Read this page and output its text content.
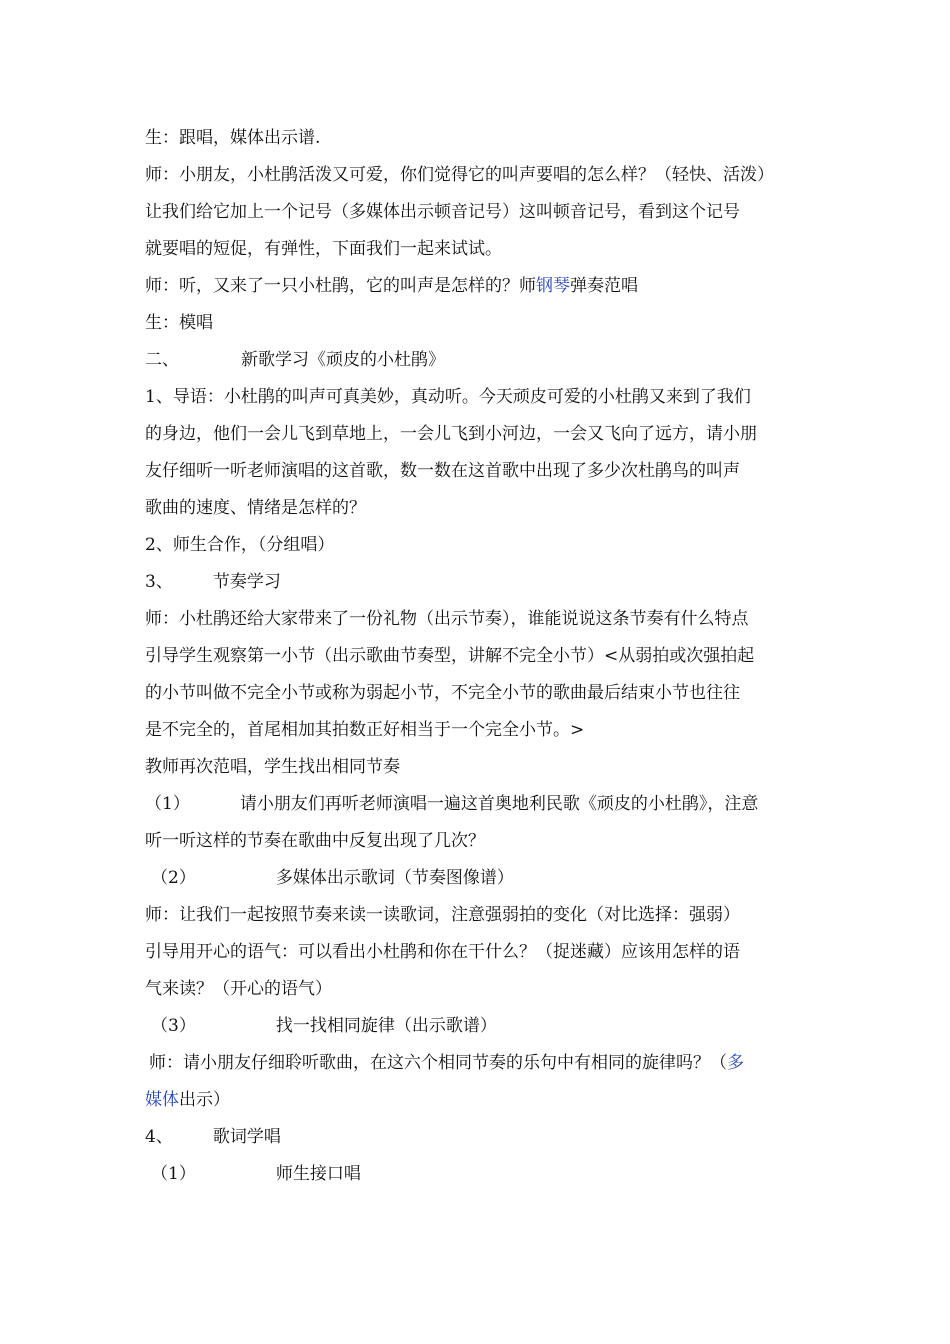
生：跟唱，媒体出示谱.
师：小朋友，小杜鹃活泼又可爱，你们觉得它的叫声要唱的怎么样？（轻快、活泼）
让我们给它加上一个记号（多媒体出示顿音记号）这叫顿音记号，看到这个记号
就要唱的短促，有弹性，下面我们一起来试试。
师：听，又来了一只小杜鹃，它的叫声是怎样的？师钢琴弹奏范唱
生：模唱
二、	新歌学习《顽皮的小杜鹃》
1、导语：小杜鹃的叫声可真美妙，真动听。今天顽皮可爱的小杜鹃又来到了我们
的身边，他们一会儿飞到草地上，一会儿飞到小河边，一会又飞向了远方，请小朋
友仔细听一听老师演唱的这首歌，数一数在这首歌中出现了多少次杜鹃鸟的叫声
歌曲的速度、情绪是怎样的？
2、师生合作，（分组唱）
3、 节奏学习
师：小杜鹃还给大家带来了一份礼物（出示节奏），谁能说说这条节奏有什么特点
引导学生观察第一小节（出示歌曲节奏型，讲解不完全小节）<从弱拍或次强拍起
的小节叫做不完全小节或称为弱起小节，不完全小节的歌曲最后结束小节也往往
是不完全的，首尾相加其拍数正好相当于一个完全小节。>
教师再次范唱，学生找出相同节奏
（1）	请小朋友们再听老师演唱一遍这首奥地利民歌《顽皮的小杜鹃》，注意
听一听这样的节奏在歌曲中反复出现了几次？
（2）	多媒体出示歌词（节奏图像谱）
师：让我们一起按照节奏来读一读歌词，注意强弱拍的变化（对比选择：强弱）
引导用开心的语气：可以看出小杜鹃和你在干什么？（捉迷藏）应该用怎样的语
气来读？（开心的语气）
（3）	找一找相同旋律（出示歌谱）
师：请小朋友仔细聆听歌曲，在这六个相同节奏的乐句中有相同的旋律吗？（多
媒体出示）
4、 歌词学唱
（1）	师生接口唱
